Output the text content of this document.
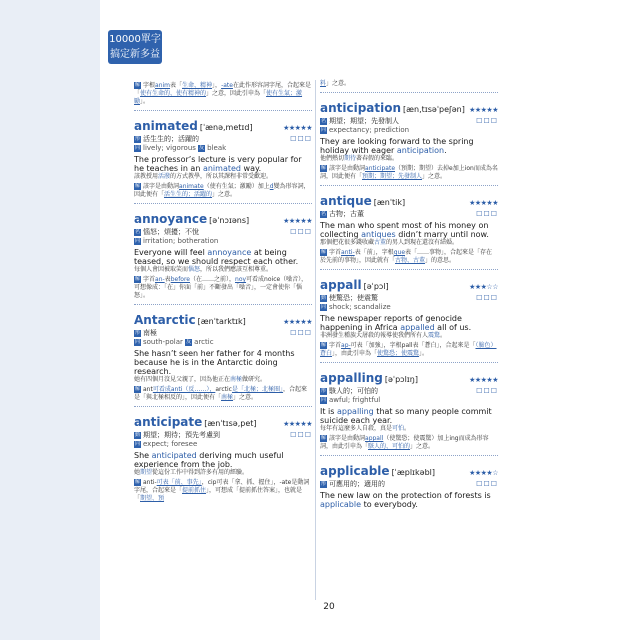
10000單字
搞定新多益
解 字根anim表「生命、精神」，-ate在此作形容詞字尾，合起來是「使有生命的、使有精神的」之意，因此引申為「使有生氣；激勵」。
animated [ˈænə,metɪd]	★★★★★
形 活生生的；活躍的	☐☐☐
同 lively; vigorous 反 bleak
The professor’s lecture is very popular for he teaches in an animated way.
該教授用活潑的方式教學，所以其課程非常受歡迎。
解 該字是由動詞animate（使有生氣；激勵）加上d變為形容詞，因此便有「活生生的；活躍的」之意。
annoyance [əˈnɔɪəns]	★★★★★
名 惱怒；煩擾；不悅	☐☐☐
同 irritation; botheration
Everyone will feel annoyance at being teased, so we should respect each other.
每個人會因被取笑而惱怒，所以我們應該互相尊重。
解 字首an-表before（在……之前），noy可看成noice（噪音），可想像成：「在」你面「前」不斷發出「噪音」，一定會使你「惱怒」。
Antarctic [ænˈtarktɪk]	★★★★★
形 南極	☐☐☐
同 south-polar 反 arctic
She hasn’t seen her father for 4 months because he is in the Antarctic doing research.
她有四個月沒見父親了，因為他正在南極做研究。
解 ant可看成anti（反……），arctic是「北極；北極圈」，合起來是「與北極相反的」，因此便有「南極」之意。
anticipate [ænˈtɪsə,pet]	★★★★★
動 期望；期待；預先考慮到	☐☐☐
同 expect; foresee
She anticipated deriving much useful experience from the job.
她期望從這份工作中得到許多有用的經驗。
解 anti-可表「前、事先」，cip可表「拿、抓、握住」，-ate是動詞字尾，合起來是「提前抓住」，可想成「提前抓住答案」，也就是「期望、預
料」之意。
anticipation [æn,tɪsəˈpeʃən] ★★★★★
名 期望；期望；先發制人	☐☐☐
同 expectancy; prediction
They are looking forward to the spring holiday with eager anticipation.
他們熱切期待著春假的來臨。
解 該字是由動詞anticipate（預期；期望）去掉e加上ion而成為名詞，因此便有「預期；期望；先發制人」之意。
antique [ænˈtik]	★★★★★
名 古物；古董	☐☐☐
The man who spent most of his money on collecting antiques didn’t marry until now.
那個把花很多錢收藏古董的男人到現在還沒有結婚。
解 字首anti-表「前」，字根que表「……事物」，合起來是「存在於先前的事物」，因此就有「古物、古董」的意思。
appall [əˈpɔl]	★★★☆☆
動 使驚恐；使震驚	☐☐☐
同 shock; scandalize
The newspaper reports of genocide happening in Africa appalled all of us.
非洲發生種族大屠殺的報導使我們所有人震驚。
解 字首ap-可表「加強」，字根pall表「蒼白」，合起來是「（臉色）蒼白」，由此引申為「使驚恐；使震驚」。
appalling [əˈpɔlɪŋ]	★★★★★
形 駭人的；可怕的	☐☐☐
同 awful; frightful
It is appalling that so many people commit suicide each year.
每年有這麼多人自殺，真是可怕。
解 該字是由動詞appall（使驚恐；使震驚）加上ing而成為形容詞，由此引申為「駭人的、可怕的」之意。
applicable [ˈæplɪkəbl]	★★★★☆
形 可應用的；適用的	☐☐☐
The new law on the protection of forests is applicable to everybody.
20
